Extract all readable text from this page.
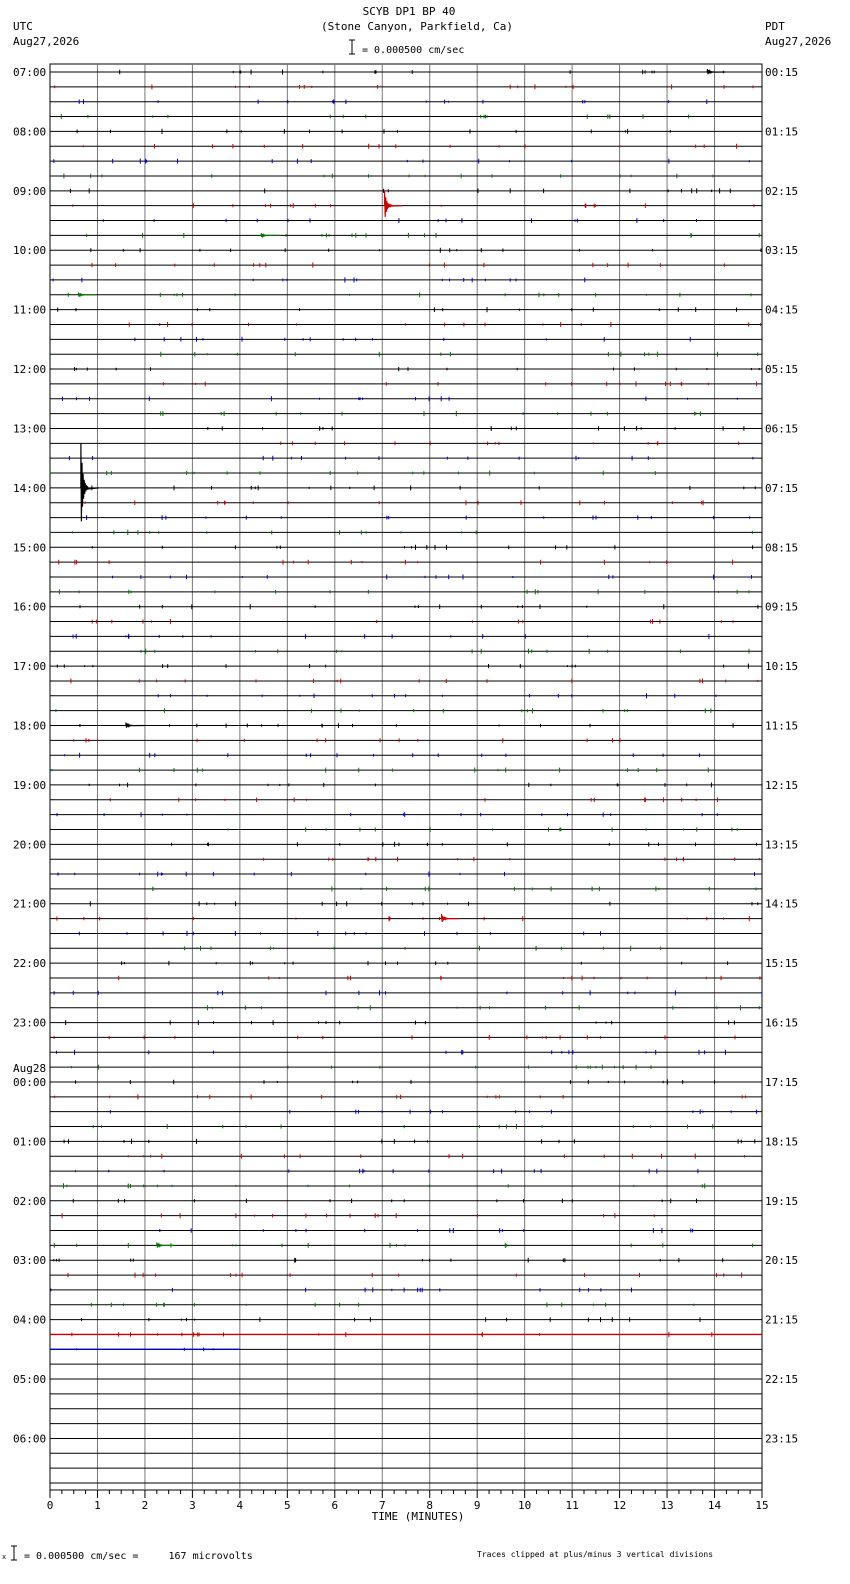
SCYB DP1 BP 40
(Stone Canyon, Parkfield, Ca)
UTC
Aug27,2026
PDT
Aug27,2026
= 0.000500 cm/sec
07:00	00:15
08:00	01:15
09:00	02:15
10:00	03:15
11:00	04:15
12:00	05:15
13:00	06:15
14:00	07:15
15:00	08:15
16:00	09:15
17:00	10:15
18:00	11:15
19:00	12:15
20:00	13:15
21:00	14:15
22:00	15:15
23:00	16:15
00:00	17:15
01:00	18:15
02:00	19:15
03:00	20:15
04:00	21:15
05:00	22:15
06:00	23:15
Aug28
0	1	2	3	4	5	6	7	8	9	10	11	12	13	14	15
TIME (MINUTES)
x = 0.000500 cm/sec =     167 microvolts	Traces clipped at plus/minus 3 vertical divisions
